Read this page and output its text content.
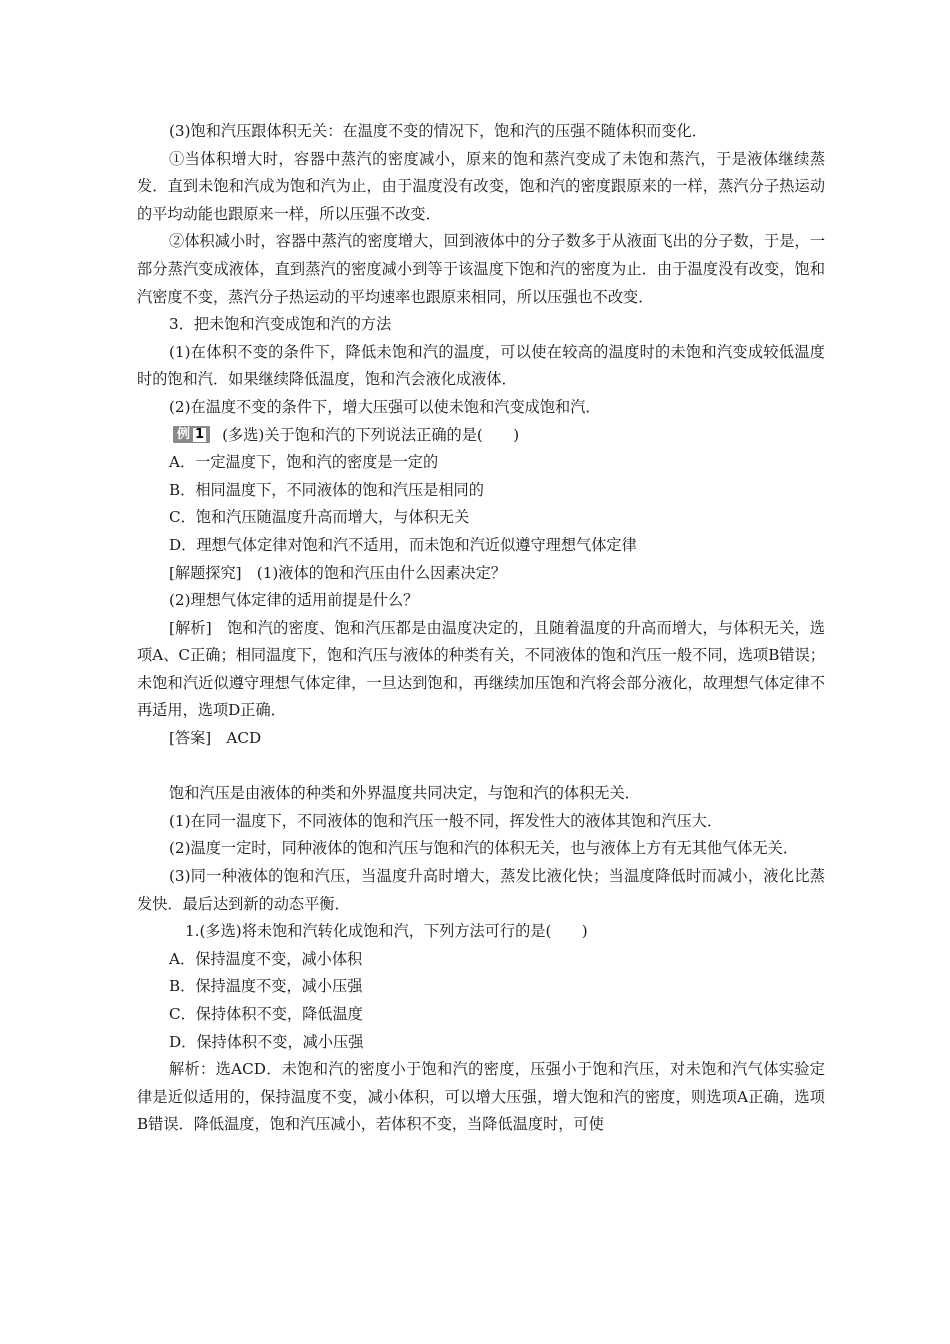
(3)饱和汽压跟体积无关：在温度不变的情况下，饱和汽的压强不随体积而变化．

①当体积增大时，容器中蒸汽的密度减小，原来的饱和蒸汽变成了未饱和蒸汽，于是液体继续蒸发．直到未饱和汽成为饱和汽为止，由于温度没有改变，饱和汽的密度跟原来的一样，蒸汽分子热运动的平均动能也跟原来一样，所以压强不改变．

②体积减小时，容器中蒸汽的密度增大，回到液体中的分子数多于从液面飞出的分子数，于是，一部分蒸汽变成液体，直到蒸汽的密度减小到等于该温度下饱和汽的密度为止．由于温度没有改变，饱和汽密度不变，蒸汽分子热运动的平均速率也跟原来相同，所以压强也不改变．

3．把未饱和汽变成饱和汽的方法

(1)在体积不变的条件下，降低未饱和汽的温度，可以使在较高的温度时的未饱和汽变成较低温度时的饱和汽．如果继续降低温度，饱和汽会液化成液体．

(2)在温度不变的条件下，增大压强可以使未饱和汽变成饱和汽．

例 1 (多选)关于饱和汽的下列说法正确的是(　　)

A．一定温度下，饱和汽的密度是一定的

B．相同温度下，不同液体的饱和汽压是相同的

C．饱和汽压随温度升高而增大，与体积无关

D．理想气体定律对饱和汽不适用，而未饱和汽近似遵守理想气体定律

[解题探究]　(1)液体的饱和汽压由什么因素决定？

(2)理想气体定律的适用前提是什么？

[解析]　饱和汽的密度、饱和汽压都是由温度决定的，且随着温度的升高而增大，与体积无关，选项A、C正确；相同温度下，饱和汽压与液体的种类有关，不同液体的饱和汽压一般不同，选项B错误；未饱和汽近似遵守理想气体定律，一旦达到饱和，再继续加压饱和汽将会部分液化，故理想气体定律不再适用，选项D正确．

[答案]　ACD

饱和汽压是由液体的种类和外界温度共同决定，与饱和汽的体积无关．

(1)在同一温度下，不同液体的饱和汽压一般不同，挥发性大的液体其饱和汽压大．

(2)温度一定时，同种液体的饱和汽压与饱和汽的体积无关，也与液体上方有无其他气体无关．

(3)同一种液体的饱和汽压，当温度升高时增大，蒸发比液化快；当温度降低时而减小，液化比蒸发快．最后达到新的动态平衡．

1.(多选)将未饱和汽转化成饱和汽，下列方法可行的是(　　)

A．保持温度不变，减小体积

B．保持温度不变，减小压强

C．保持体积不变，降低温度

D．保持体积不变，减小压强

解析：选ACD．未饱和汽的密度小于饱和汽的密度，压强小于饱和汽压，对未饱和汽气体实验定律是近似适用的，保持温度不变，减小体积，可以增大压强，增大饱和汽的密度，则选项A正确，选项B错误．降低温度，饱和汽压减小，若体积不变，当降低温度时，可使
